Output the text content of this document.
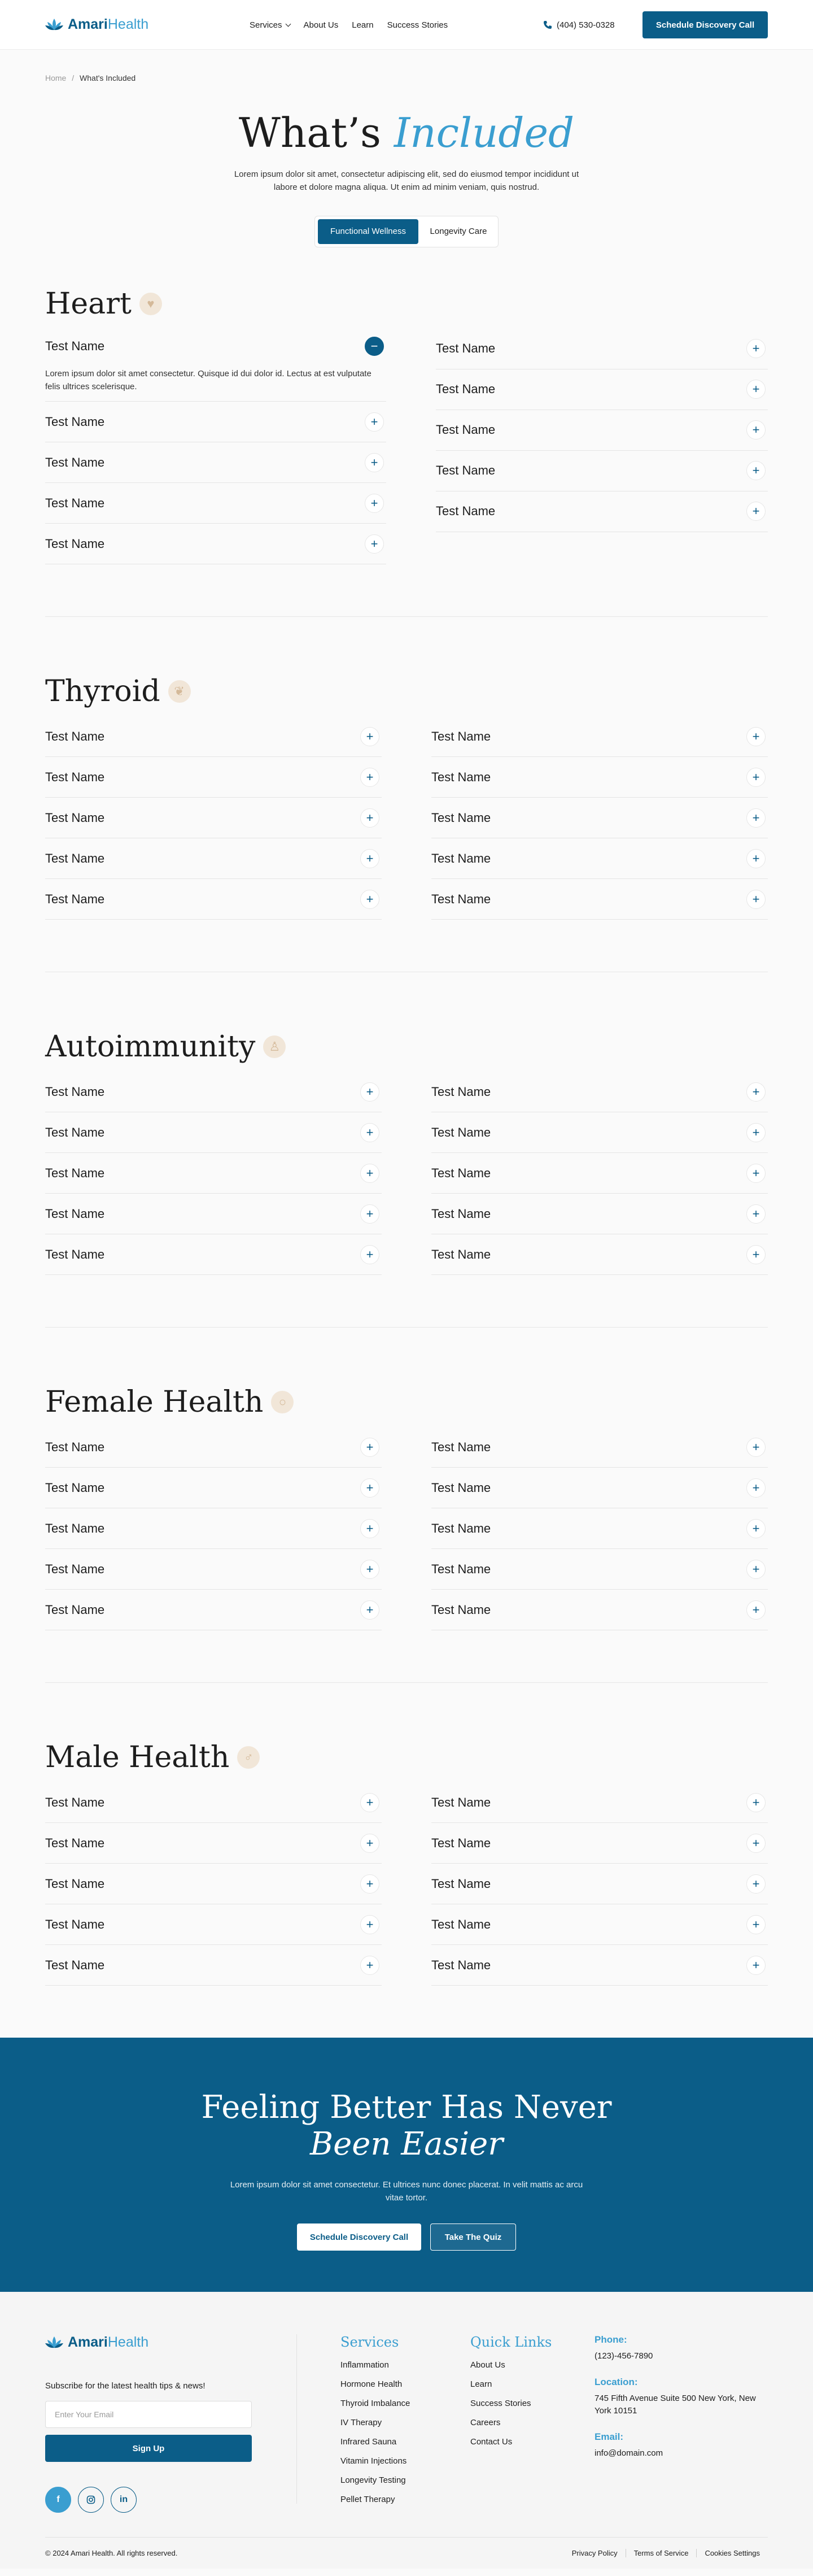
Amari Health	Services	About Us Learn Success Stories	(404) 530-0328	Schedule Discovery Call
Home / What's Included
What’s Included

Lorem ipsum dolor sit amet, consectetur adipiscing elit, sed do eiusmod tempor incididunt ut labore et dolore magna aliqua. Ut enim ad minim veniam, quis nostrud.

Functional Wellness	Longevity Care
Heart	♥
Test Name	−

Lorem ipsum dolor sit amet consectetur. Quisque id dui dolor id. Lectus at est vulputate felis ultrices scelerisque.

Test Name	+
Test Name	+
Test Name	+
Test Name	+
Test Name	+
Test Name	+
Test Name	+
Test Name	+
Test Name	+
Thyroid	❦
Test Name	+
Test Name	+
Test Name	+
Test Name	+
Test Name	+
Test Name	+
Test Name	+
Test Name	+
Test Name	+
Test Name	+
Autoimmunity	♙
Test Name	+
Test Name	+
Test Name	+
Test Name	+
Test Name	+
Test Name	+
Test Name	+
Test Name	+
Test Name	+
Test Name	+
Female Health	○
Test Name	+
Test Name	+
Test Name	+
Test Name	+
Test Name	+
Test Name	+
Test Name	+
Test Name	+
Test Name	+
Test Name	+
Male Health	♂
Test Name	+
Test Name	+
Test Name	+
Test Name	+
Test Name	+
Test Name	+
Test Name	+
Test Name	+
Test Name	+
Test Name	+
Feeling Better Has Never
Been Easier

Lorem ipsum dolor sit amet consectetur. Et ultrices nunc donec placerat. In velit mattis ac arcu vitae tortor.

Schedule Discovery Call	Take The Quiz
Amari Health
Subscribe for the latest health tips & news!
Enter Your Email
Sign Up
f	in
Services
Inflammation
Hormone Health
Thyroid Imbalance
IV Therapy
Infrared Sauna
Vitamin Injections
Longevity Testing
Pellet Therapy
Quick Links
About Us
Learn
Success Stories
Careers
Contact Us
Phone:

(123)-456-7890

Location:

745 Fifth Avenue Suite 500 New York, New York 10151

Email:

info@domain.com

© 2024 Amari Health. All rights reserved.	Privacy Policy	Terms of Service	Cookies Settings
